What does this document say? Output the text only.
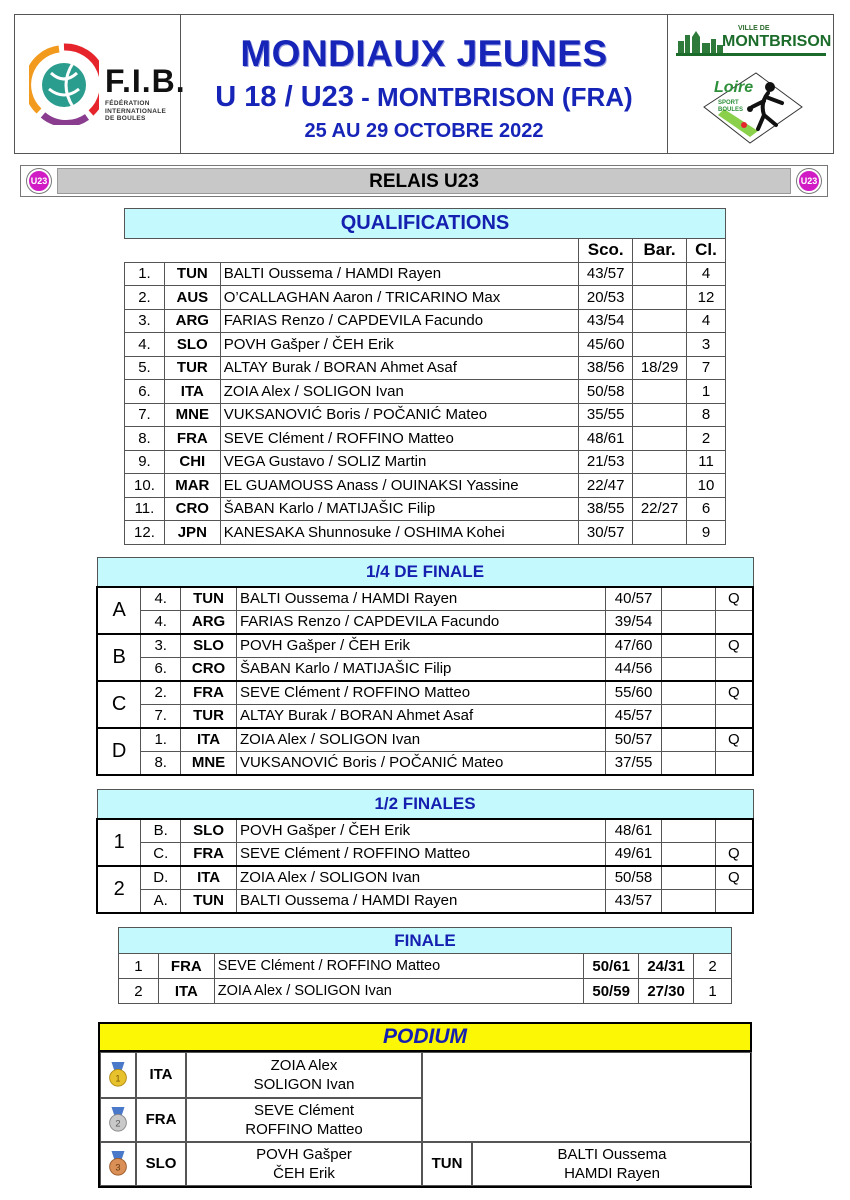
F.I.B.
FÉDÉRATION
INTERNATIONALE
DE BOULES
MONDIAUX JEUNES
U 18 / U23 - MONTBRISON (FRA)
25 AU 29 OCTOBRE 2022
VILLE DE
MONTBRISON
Loire
SPORT BOULES
U23	RELAIS U23	U23
QUALIFICATIONS					
			Sco.	Bar.	Cl.
1.	TUN	BALTI Oussema / HAMDI Rayen	43/57		4
2.	AUS	O’CALLAGHAN Aaron / TRICARINO Max	20/53		12
3.	ARG	FARIAS Renzo / CAPDEVILA Facundo	43/54		4
4.	SLO	POVH Gašper / ČEH Erik	45/60		3
5.	TUR	ALTAY Burak / BORAN Ahmet Asaf	38/56	18/29	7
6.	ITA	ZOIA Alex / SOLIGON Ivan	50/58		1
7.	MNE	VUKSANOVIĆ Boris / POČANIĆ Mateo	35/55		8
8.	FRA	SEVE Clément / ROFFINO Matteo	48/61		2
9.	CHI	VEGA Gustavo / SOLIZ Martin	21/53		11
10.	MAR	EL GUAMOUSS Anass / OUINAKSI Yassine	22/47		10
11.	CRO	ŠABAN Karlo / MATIJAŠIC Filip	38/55	22/27	6
12.	JPN	KANESAKA Shunnosuke / OSHIMA Kohei	30/57		9
1/4 DE FINALE						
A	4.	TUN	BALTI Oussema / HAMDI Rayen	40/57		Q
	4.	ARG	FARIAS Renzo / CAPDEVILA Facundo	39/54		
B	3.	SLO	POVH Gašper / ČEH Erik	47/60		Q
	6.	CRO	ŠABAN Karlo / MATIJAŠIC Filip	44/56		
C	2.	FRA	SEVE Clément / ROFFINO Matteo	55/60		Q
	7.	TUR	ALTAY Burak / BORAN Ahmet Asaf	45/57		
D	1.	ITA	ZOIA Alex / SOLIGON Ivan	50/57		Q
	8.	MNE	VUKSANOVIĆ Boris / POČANIĆ Mateo	37/55		
1/2 FINALES						
1	B.	SLO	POVH Gašper / ČEH Erik	48/61		
	C.	FRA	SEVE Clément / ROFFINO Matteo	49/61		Q
2	D.	ITA	ZOIA Alex / SOLIGON Ivan	50/58		Q
	A.	TUN	BALTI Oussema / HAMDI Rayen	43/57		
FINALE					
1	FRA	SEVE Clément / ROFFINO Matteo	50/61	24/31	2
2	ITA	ZOIA Alex / SOLIGON Ivan	50/59	27/30	1
PODIUM
1	ITA
ZOIA Alex
SOLIGON Ivan
2	FRA
SEVE Clément
ROFFINO Matteo
3	SLO
POVH Gašper
ČEH Erik
TUN
BALTI Oussema
HAMDI Rayen
